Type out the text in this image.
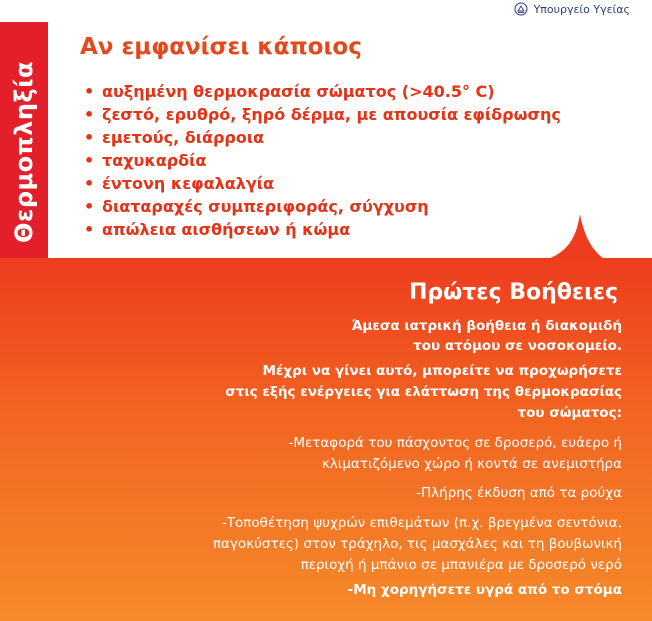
Υπουργείο Υγείας
Θερμοπληξία
Αν εμφανίσει κάποιος
• αυξημένη θερμοκρασία σώματος (>40.5° C)
• ζεστό, ερυθρό, ξηρό δέρμα, με απουσία εφίδρωσης
• εμετούς, διάρροια
• ταχυκαρδία
• έντονη κεφαλαλγία
• διαταραχές συμπεριφοράς, σύγχυση
• απώλεια αισθήσεων ή κώμα
Πρώτες Βοήθειες

Άμεσα ιατρική βοήθεια ή διακομιδή

του ατόμου σε νοσοκομείο.

Μέχρι να γίνει αυτό, μπορείτε να προχωρήσετε

στις εξής ενέργειες για ελάττωση της θερμοκρασίας

του σώματος:

-Μεταφορά του πάσχοντος σε δροσερό, ευάερο ή

κλιματιζόμενο χώρο ή κοντά σε ανεμιστήρα

-Πλήρης έκδυση από τα ρούχα

-Τοποθέτηση ψυχρών επιθεμάτων (π.χ. βρεγμένα σεντόνια,

παγοκύστες) στον τράχηλο, τις μασχάλες και τη βουβωνική

περιοχή ή μπάνιο σε μπανιέρα με δροσερό νερό

-Μη χορηγήσετε υγρά από το στόμα
